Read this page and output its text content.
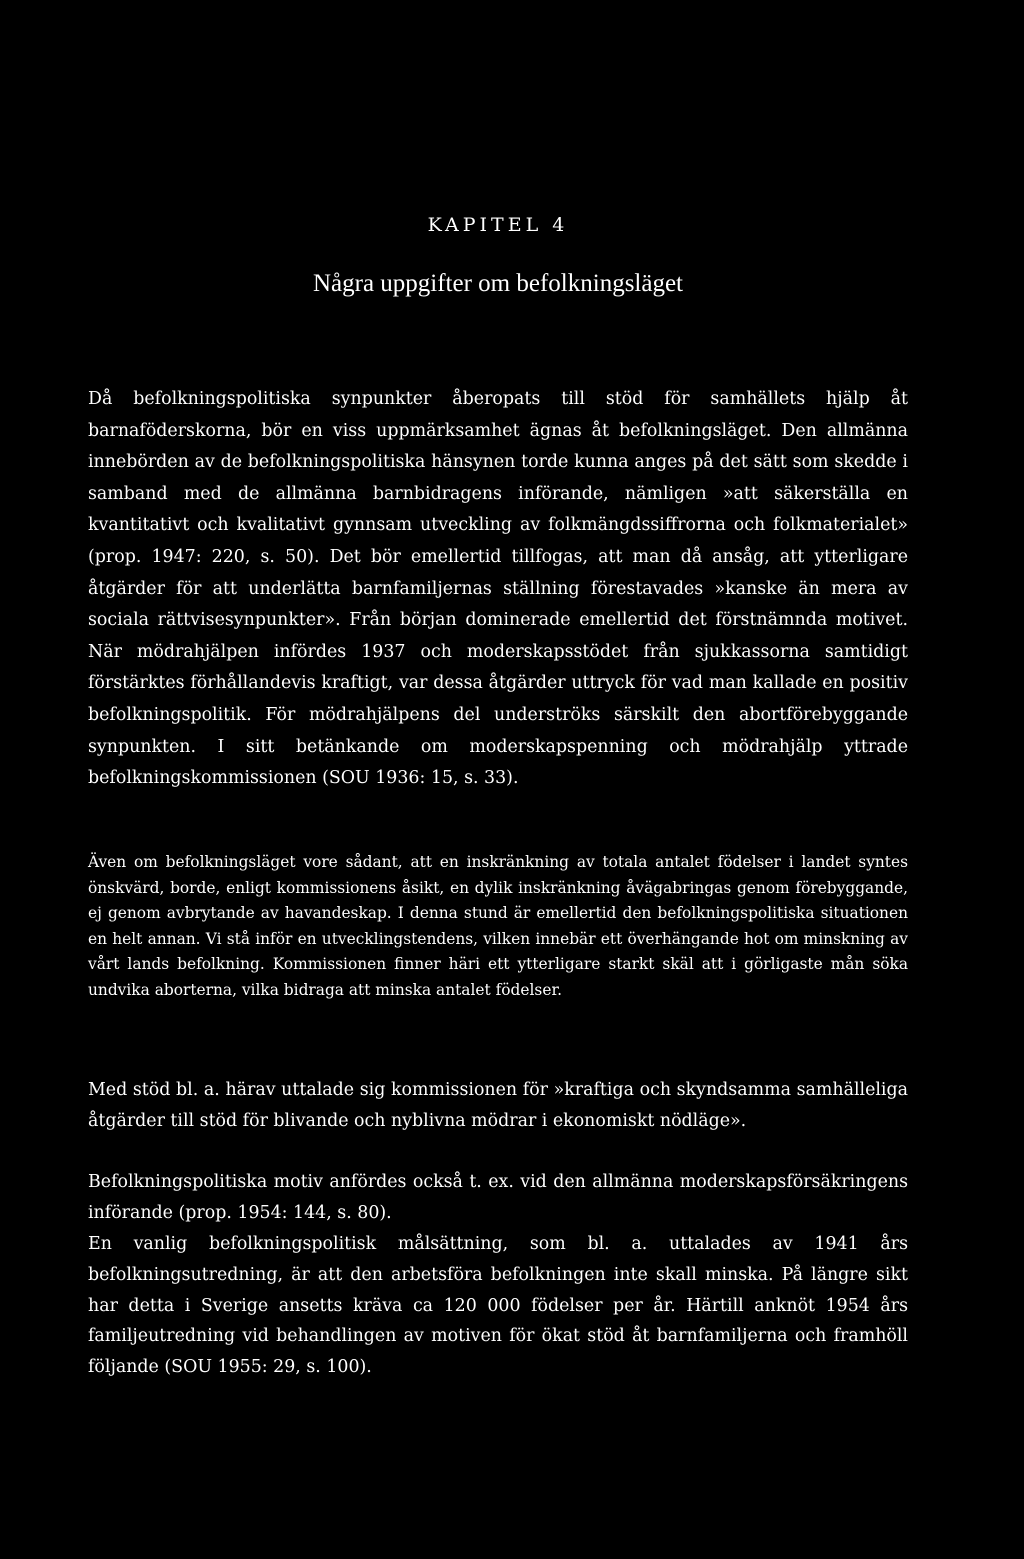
KAPITEL 4
Några uppgifter om befolkningsläget

Då befolkningspolitiska synpunkter åberopats till stöd för samhällets hjälp åt barnaföderskorna, bör en viss uppmärksamhet ägnas åt befolkningsläget. Den allmänna innebörden av de befolkningspolitiska hänsynen torde kunna anges på det sätt som skedde i samband med de allmänna barnbidragens införande, nämligen »att säkerställa en kvantitativt och kvalitativt gynnsam utveckling av folkmängdssiffrorna och folkmaterialet» (prop. 1947: 220, s. 50). Det bör emellertid tillfogas, att man då ansåg, att ytterligare åtgärder för att underlätta barnfamiljernas ställning förestavades »kanske än mera av sociala rättvisesynpunkter». Från början dominerade emellertid det förstnämnda motivet. När mödrahjälpen infördes 1937 och moderskapsstödet från sjukkassorna samtidigt förstärktes förhållandevis kraftigt, var dessa åtgärder uttryck för vad man kallade en positiv befolkningspolitik. För mödrahjälpens del underströks särskilt den abortförebyggande synpunkten. I sitt betänkande om moderskapspenning och mödrahjälp yttrade befolkningskommissionen (SOU 1936: 15, s. 33).

Även om befolkningsläget vore sådant, att en inskränkning av totala antalet födelser i landet syntes önskvärd, borde, enligt kommissionens åsikt, en dylik inskränkning åvägabringas genom förebyggande, ej genom avbrytande av havandeskap. I denna stund är emellertid den befolkningspolitiska situationen en helt annan. Vi stå inför en utvecklingstendens, vilken innebär ett överhängande hot om minskning av vårt lands befolkning. Kommissionen finner häri ett ytterligare starkt skäl att i görligaste mån söka undvika aborterna, vilka bidraga att minska antalet födelser.

Med stöd bl. a. härav uttalade sig kommissionen för »kraftiga och skyndsamma samhälleliga åtgärder till stöd för blivande och nyblivna mödrar i ekonomiskt nödläge».

Befolkningspolitiska motiv anfördes också t. ex. vid den allmänna moderskapsförsäkringens införande (prop. 1954: 144, s. 80).

En vanlig befolkningspolitisk målsättning, som bl. a. uttalades av 1941 års befolkningsutredning, är att den arbetsföra befolkningen inte skall minska. På längre sikt har detta i Sverige ansetts kräva ca 120 000 födelser per år. Härtill anknöt 1954 års familjeutredning vid behandlingen av motiven för ökat stöd åt barnfamiljerna och framhöll följande (SOU 1955: 29, s. 100).
